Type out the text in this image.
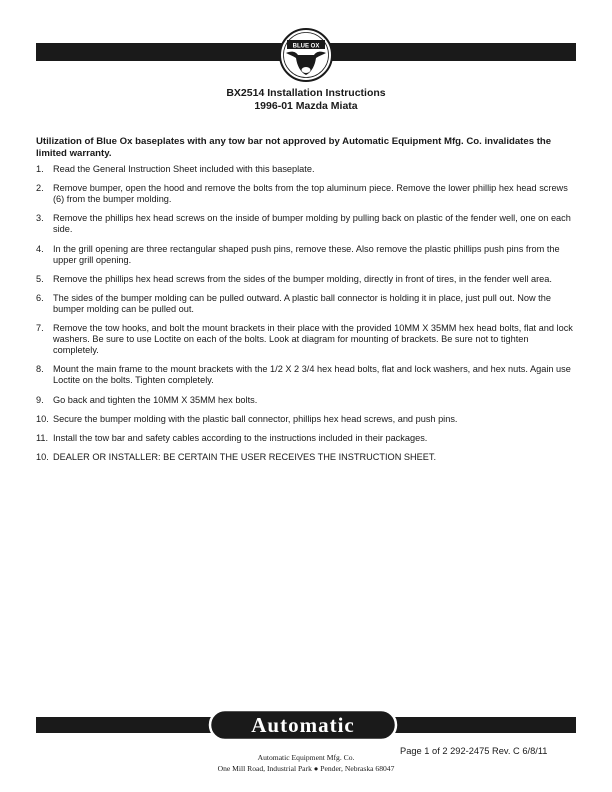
BLUE OX
BX2514 Installation Instructions
1996-01 Mazda Miata
Utilization of Blue Ox baseplates with any tow bar not approved by Automatic Equipment Mfg. Co. invalidates the limited warranty.
1.	Read the General Instruction Sheet included with this baseplate.
2.	Remove bumper, open the hood and remove the bolts from the top aluminum piece. Remove the lower phillip hex head screws (6) from the bumper molding.
3.	Remove the phillips hex head screws on the inside of bumper molding by pulling back on plastic of the fender well, one on each side.
4.	In the grill opening are three rectangular shaped push pins, remove these. Also remove the plastic phillips push pins from the upper grill opening.
5.	Remove the phillips hex head screws from the sides of the bumper molding, directly in front of tires, in the fender well area.
6.	The sides of the bumper molding can be pulled outward. A plastic ball connector is holding it in place, just pull out. Now the bumper molding can be pulled out.
7.	Remove the tow hooks, and bolt the mount brackets in their place with the provided 10MM X 35MM hex head bolts, flat and lock washers. Be sure to use Loctite on each of the bolts. Look at diagram for mounting of brackets. Be sure not to tighten completely.
8.	Mount the main frame to the mount brackets with the 1/2 X 2 3/4 hex head bolts, flat and lock washers, and hex nuts. Again use Loctite on the bolts. Tighten completely.
9.	Go back and tighten the 10MM X 35MM hex bolts.
10. Secure the bumper molding with the plastic ball connector, phillips hex head screws, and push pins.
11. Install the tow bar and safety cables according to the instructions included in their packages.
10. DEALER OR INSTALLER: BE CERTAIN THE USER RECEIVES THE INSTRUCTION SHEET.
Automatic
Automatic Equipment Mfg. Co.
One Mill Road, Industrial Park ● Pender, Nebraska 68047
Page 1 of 2 292-2475 Rev. C 6/8/11
